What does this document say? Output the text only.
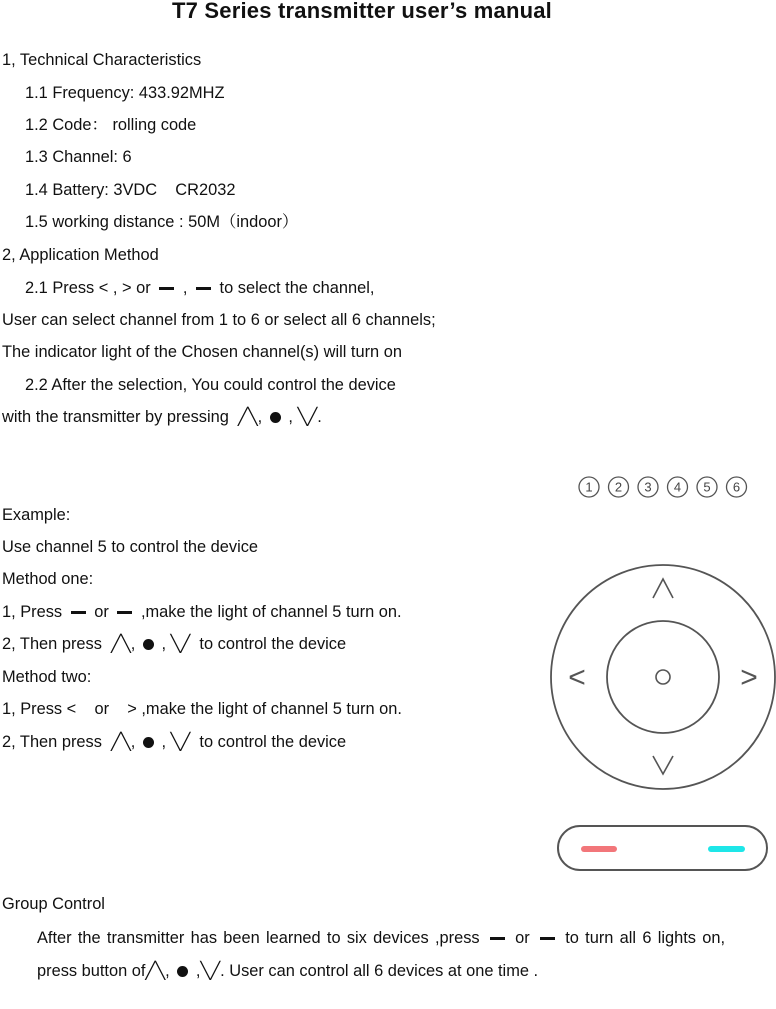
T7 Series transmitter user’s manual
1, Technical Characteristics
1.1 Frequency: 433.92MHZ
1.2 Code： rolling code
1.3 Channel: 6
1.4 Battery: 3VDC    CR2032
1.5 working distance : 50M（indoor）
2, Application Method
2.1 Press < , > or , to select the channel,
User can select channel from 1 to 6 or select all 6 channels;
The indicator light of the Chosen channel(s) will turn on
2.2 After the selection, You could control the device
with the transmitter by pressing  ╱╲, , ╲╱.
Example:
Use channel 5 to control the device
Method one:
1, Press or ,make the light of channel 5 turn on.
2, Then press  ╱╲, , ╲╱  to control the device
Method two:
1, Press <    or    > ,make the light of channel 5 turn on.
2, Then press  ╱╲, , ╲╱  to control the device
Group Control
After the transmitter has been learned to six devices ,press or to turn all 6 lights on, press button of╱╲, ,╲╱. User can control all 6 devices at one time .
1 2 3 4 5 6
<	>
